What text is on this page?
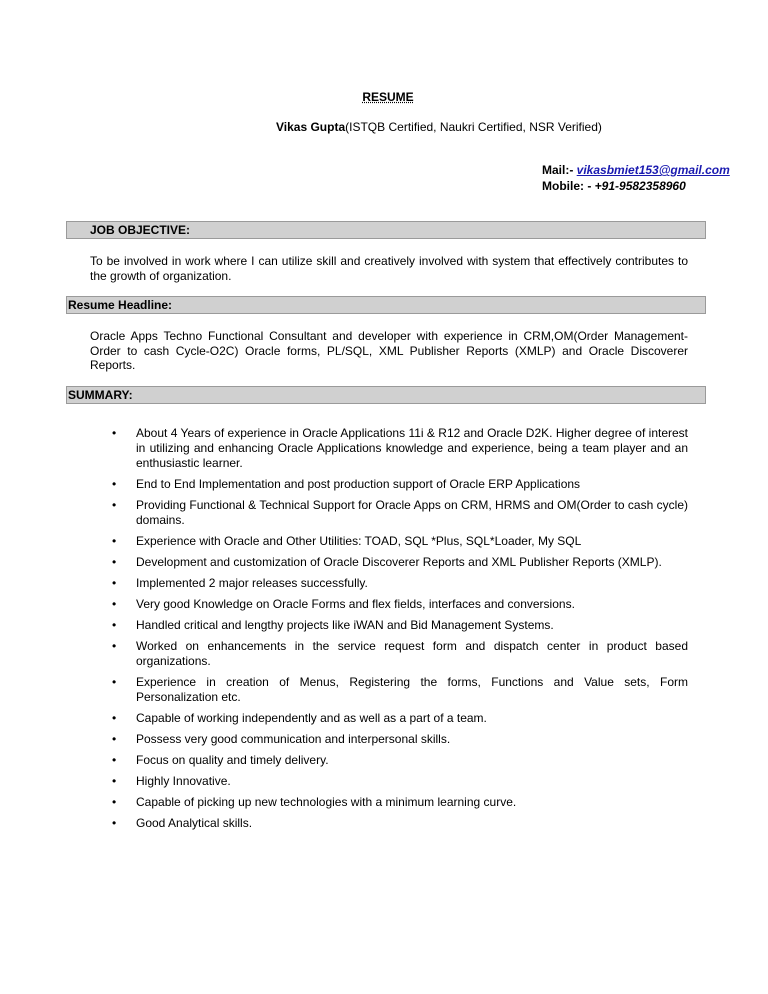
RESUME
Vikas Gupta(ISTQB Certified, Naukri Certified, NSR Verified)
Mail:- vikasbmiet153@gmail.com
Mobile: - +91-9582358960
JOB OBJECTIVE:
To be involved in work where I can utilize skill and creatively involved with system that effectively contributes to the growth of organization.
Resume Headline:
Oracle Apps Techno Functional Consultant and developer with experience in CRM,OM(Order Management-Order to cash Cycle-O2C) Oracle forms, PL/SQL, XML Publisher Reports (XMLP) and Oracle Discoverer Reports.
SUMMARY:
• About 4 Years of experience in Oracle Applications 11i & R12 and Oracle D2K. Higher degree of interest in utilizing and enhancing Oracle Applications knowledge and experience, being a team player and an enthusiastic learner.
• End to End Implementation and post production support of Oracle ERP Applications
• Providing Functional & Technical Support for Oracle Apps on CRM, HRMS and OM(Order to cash cycle) domains.
• Experience with Oracle and Other Utilities: TOAD, SQL *Plus, SQL*Loader, My SQL
• Development and customization of Oracle Discoverer Reports and XML Publisher Reports (XMLP).
• Implemented 2 major releases successfully.
• Very good Knowledge on Oracle Forms and flex fields, interfaces and conversions.
• Handled critical and lengthy projects like iWAN and Bid Management Systems.
• Worked on enhancements in the service request form and dispatch center in product based organizations.
• Experience in creation of Menus, Registering the forms, Functions and Value sets, Form Personalization etc.
• Capable of working independently and as well as a part of a team.
• Possess very good communication and interpersonal skills.
• Focus on quality and timely delivery.
• Highly Innovative.
• Capable of picking up new technologies with a minimum learning curve.
• Good Analytical skills.
